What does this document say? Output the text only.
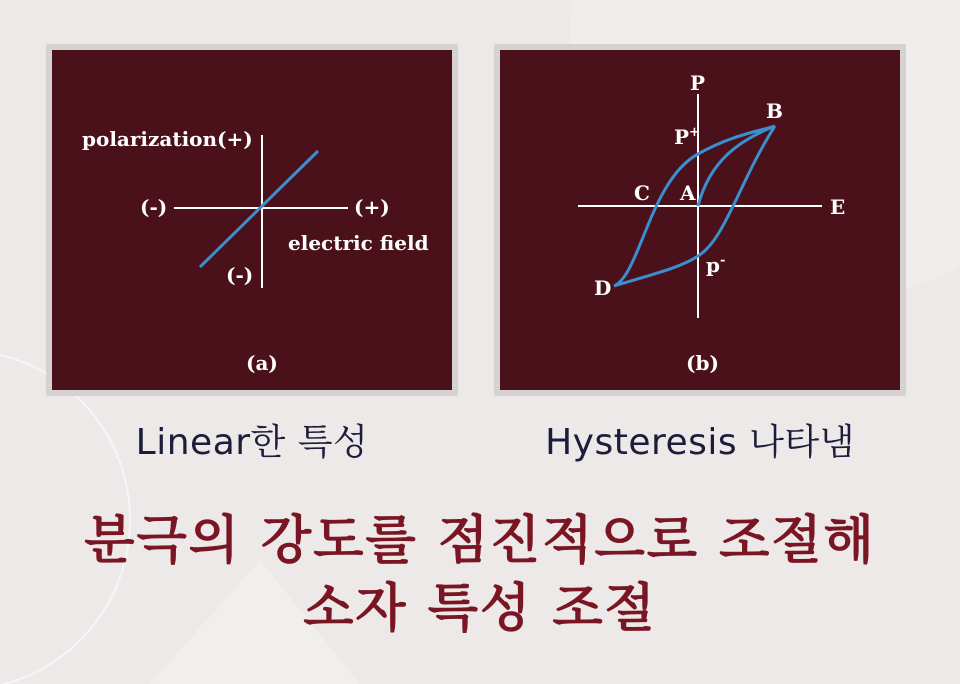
polarization(+)
(-)	(+)
electric field
(-)
(a)
P
E
B
P+
C A
p-
D
(b)
Linear한 특성	Hysteresis 나타냄
분극의 강도를 점진적으로 조절해
소자 특성 조절
